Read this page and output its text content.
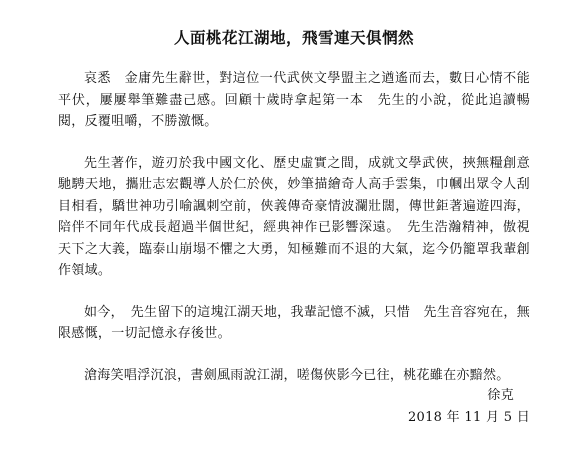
人面桃花江湖地，飛雪連天俱惘然

哀悉　金庸先生辭世，對這位一代武俠文學盟主之遒遙而去，數日心情不能平伏，屢屢舉筆難盡己感。回顧十歲時拿起第一本　先生的小說，從此追讀暢閱，反覆咀嚼，不勝激慨。

先生著作，遊刃於我中國文化、歷史虛實之間，成就文學武俠，挾無糧創意馳騁天地，攜壯志宏觀導人於仁於俠，妙筆描繪奇人高手雲集，巾幗出眾令人刮目相看，驕世神功引喻諷刺空前，俠義傳奇豪情波瀾壯闊，傳世鉅著遍遊四海，陪伴不同年代成長超過半個世紀，經典神作已影響深遠。　先生浩瀚精神，傲視天下之大義，臨泰山崩塌不懼之大勇，知極難而不退的大氣，迄今仍籠罩我輩創作領域。

如今，　先生留下的這塊江湖天地，我輩記憶不滅，只惜　先生音容宛在，無限感慨，一切記憶永存後世。

滄海笑唱浮沉浪，書劍風雨說江湖，嗟傷俠影今已往，桃花雖在亦黯然。

徐克

2018 年 11 月 5 日
